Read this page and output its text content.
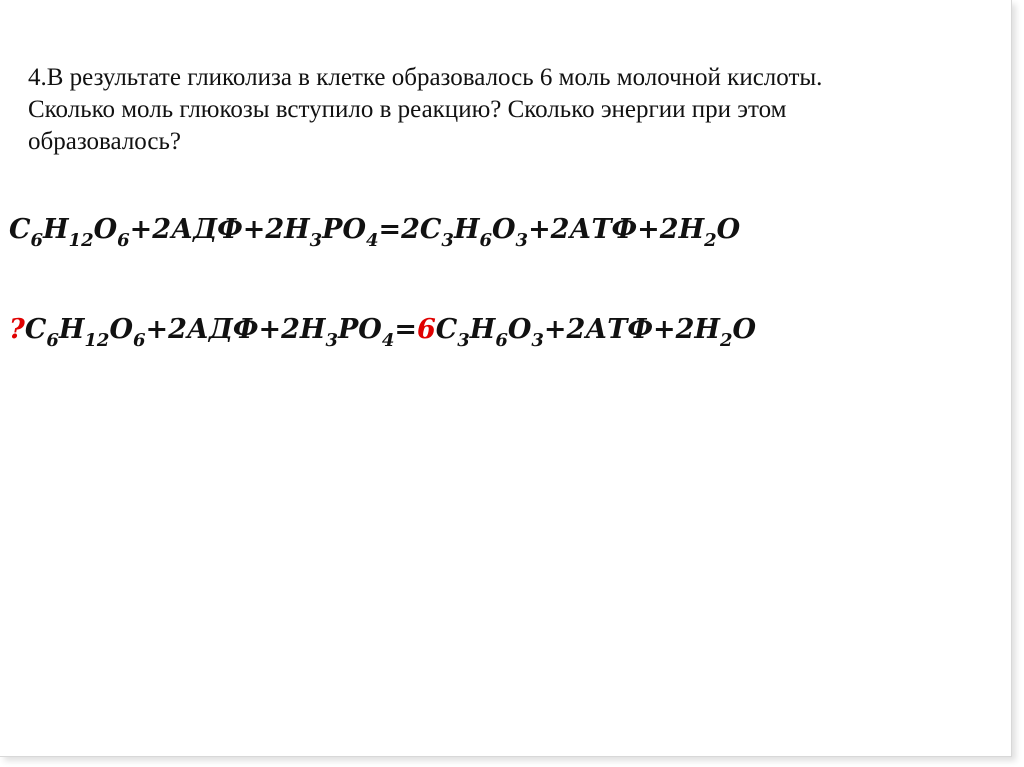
4.В результате гликолиза в клетке образовалось 6 моль молочной кислоты. Сколько моль глюкозы вступило в реакцию? Сколько энергии при этом образовалось?

$C_6H_{12}O_6+2АДФ+2H_3PO_4=2C_3H_6O_3+2АТФ+2H_2O$
$?C_6H_{12}O_6+2АДФ+2H_3PO_4=6C_3H_6O_3+2АТФ+2H_2O$
